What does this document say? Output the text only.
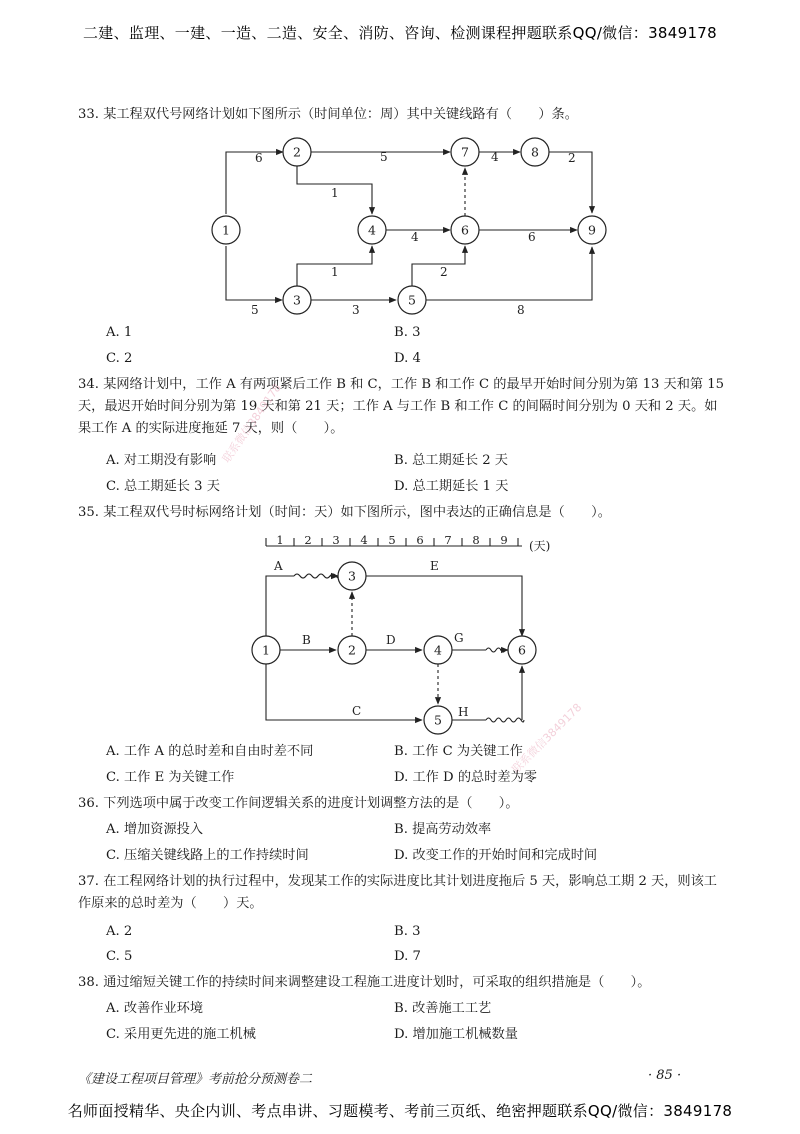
二建、监理、一建、一造、二造、安全、消防、咨询、检测课程押题联系QQ/微信：3849178
33. 某工程双代号网络计划如下图所示（时间单位：周）其中关键线路有（　　）条。
6	5	4	2
1
4	6
1	2
5	3	8
1
2
3
4
5
6
7	8
9
A. 1	B. 3
C. 2	D. 4
34. 某网络计划中，工作 A 有两项紧后工作 B 和 C，工作 B 和工作 C 的最早开始时间分别为第 13 天和第 15 天，最迟开始时间分别为第 19 天和第 21 天；工作 A 与工作 B 和工作 C 的间隔时间分别为 0 天和 2 天。如果工作 A 的实际进度拖延 7 天，则（　　）。
A. 对工期没有影响	B. 总工期延长 2 天
C. 总工期延长 3 天	D. 总工期延长 1 天
35. 某工程双代号时标网络计划（时间：天）如下图所示，图中表达的正确信息是（　　）。
1 2 3 4 5 6 7 8 9 (天)
A	E
B	D	G
C	H
1	2
3
4
5
6
A. 工作 A 的总时差和自由时差不同	B. 工作 C 为关键工作
C. 工作 E 为关键工作	D. 工作 D 的总时差为零
36. 下列选项中属于改变工作间逻辑关系的进度计划调整方法的是（　　）。
A. 增加资源投入	B. 提高劳动效率
C. 压缩关键线路上的工作持续时间	D. 改变工作的开始时间和完成时间
37. 在工程网络计划的执行过程中，发现某工作的实际进度比其计划进度拖后 5 天，影响总工期 2 天，则该工作原来的总时差为（　　）天。
A. 2	B. 3
C. 5	D. 7
38. 通过缩短关键工作的持续时间来调整建设工程施工进度计划时，可采取的组织措施是（　　）。
A. 改善作业环境	B. 改善施工工艺
C. 采用更先进的施工机械	D. 增加施工机械数量
联系微信3849178
联系微信3849178
《建设工程项目管理》考前抢分预测卷二	· 85 ·
名师面授精华、央企内训、考点串讲、习题模考、考前三页纸、绝密押题联系QQ/微信：3849178
